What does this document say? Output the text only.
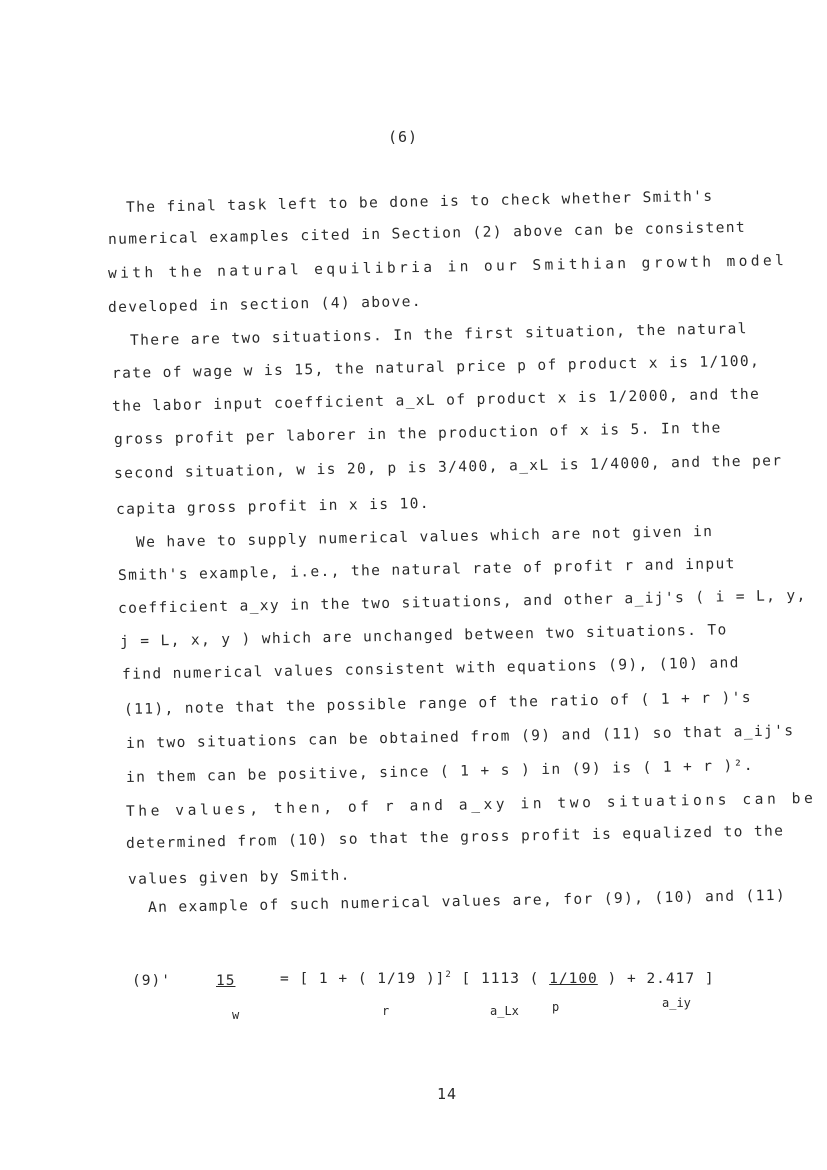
(6)
The final task left to be done is to check whether Smith's
numerical examples cited in Section (2) above can be consistent
with the natural equilibria in our Smithian growth model
developed in section (4) above.
There are two situations. In the first situation, the natural
rate of wage w is 15, the natural price p of product x is 1/100,
the labor input coefficient a_xL of product x is 1/2000, and the
gross profit per laborer in the production of x is 5. In the
second situation, w is 20, p is 3/400, a_xL is 1/4000, and the per
capita gross profit in x is 10.
We have to supply numerical values which are not given in
Smith's example, i.e., the natural rate of profit r and input
coefficient a_xy in the two situations, and other a_ij's ( i = L, y,
j = L, x, y ) which are unchanged between two situations. To
find numerical values consistent with equations (9), (10) and
(11), note that the possible range of the ratio of ( 1 + r )'s
in two situations can be obtained from (9) and (11) so that a_ij's
in them can be positive, since ( 1 + s ) in (9) is ( 1 + r )².
The values, then, of r and a_xy in two situations can be
determined from (10) so that the gross profit is equalized to the
values given by Smith.
An example of such numerical values are, for (9), (10) and (11)
(9)'	15	= [ 1 + ( 1/19 )]$^2$ [ 1113 ( 1/100 ) + 2.417 ]
w	r	a_Lx	p	a_iy
14
